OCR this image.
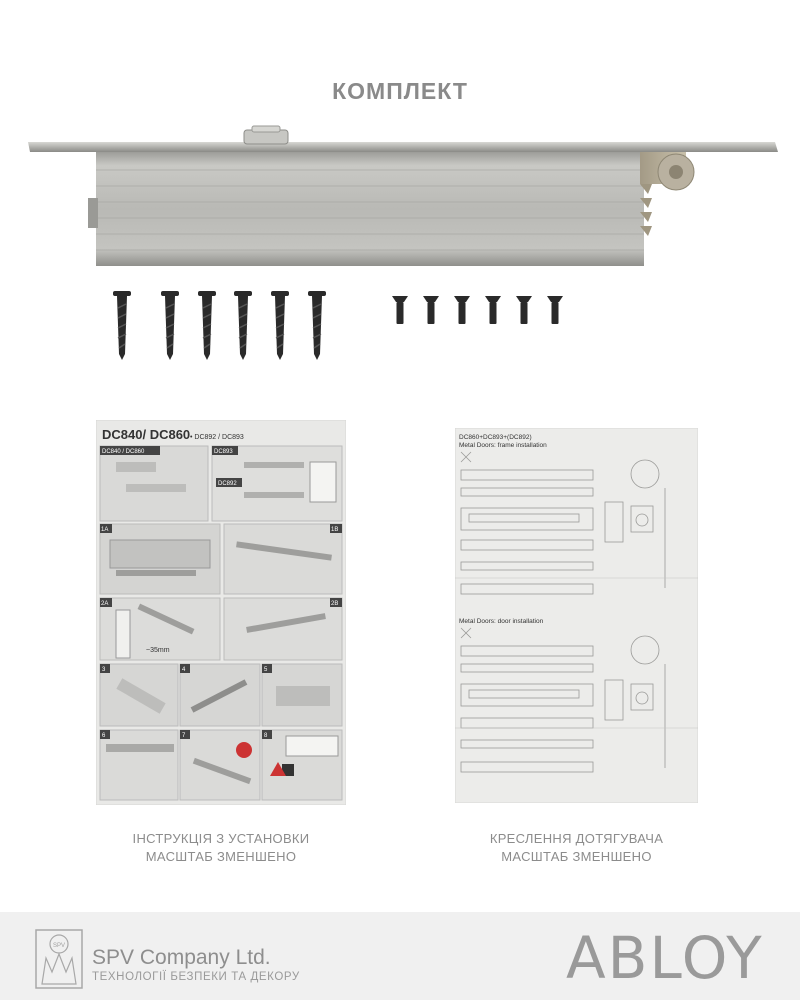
КОМПЛЕКТ
DC840/ DC860 • DC892 / DC893
DC840 / DC860	DC893
DC892
1A	1B
2A
~35mm
2B
3	4	5
6	7	8
DC860+DC893+(DC892)
Metal Doors: frame installation
Metal Doors: door installation
ІНСТРУКЦІЯ З УСТАНОВКИ
МАСШТАБ ЗМЕНШЕНО
КРЕСЛЕННЯ ДОТЯГУВАЧА
МАСШТАБ ЗМЕНШЕНО
SPV SPV Company Ltd.
ТЕХНОЛОГІЇ БЕЗПЕКИ ТА ДЕКОРУ	ABLOY
